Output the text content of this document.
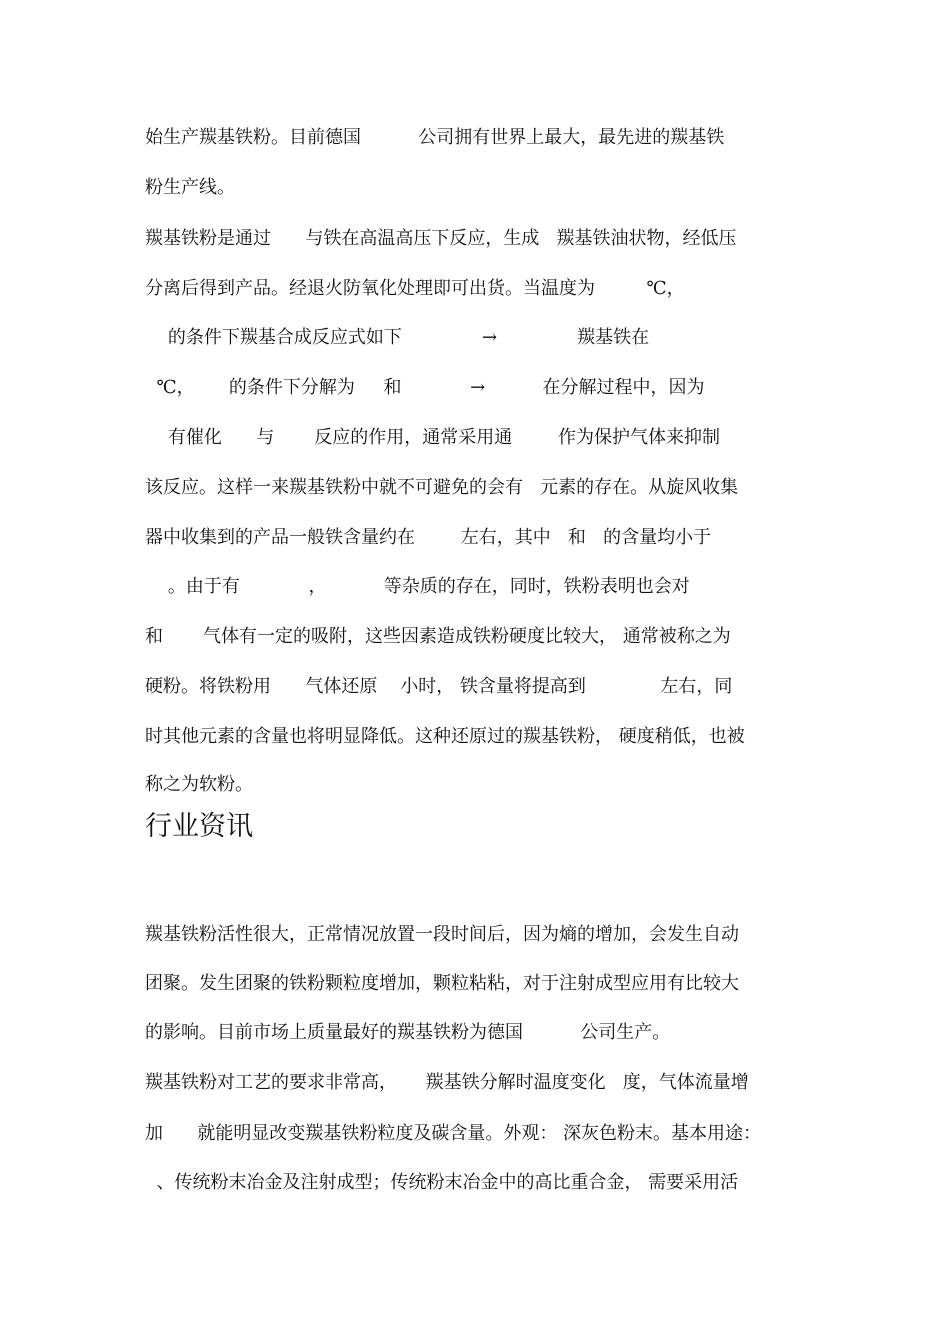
始生产羰基铁粉。目前德国          公司拥有世界上最大，最先进的羰基铁
粉生产线。
羰基铁粉是通过      与铁在高温高压下反应，生成   羰基铁油状物，经低压
分离后得到产品。经退火防氧化处理即可出货。当温度为         ℃，
的条件下羰基合成反应式如下              →              羰基铁在
℃，      的条件下分解为     和            →          在分解过程中，因为
有催化      与       反应的作用，通常采用通        作为保护气体来抑制
该反应。这样一来羰基铁粉中就不可避免的会有   元素的存在。从旋风收集
器中收集到的产品一般铁含量约在        左右，其中   和   的含量均小于
。由于有            ，          等杂质的存在，同时，铁粉表明也会对
和       气体有一定的吸附，这些因素造成铁粉硬度比较大， 通常被称之为
硬粉。将铁粉用      气体还原    小时， 铁含量将提高到             左右，同
时其他元素的含量也将明显降低。这种还原过的羰基铁粉， 硬度稍低，也被
称之为软粉。
行业资讯
羰基铁粉活性很大，正常情况放置一段时间后，因为熵的增加，会发生自动
团聚。发生团聚的铁粉颗粒度增加，颗粒粘粘，对于注射成型应用有比较大
的影响。目前市场上质量最好的羰基铁粉为德国          公司生产。
羰基铁粉对工艺的要求非常高，     羰基铁分解时温度变化   度，气体流量增
加      就能明显改变羰基铁粉粒度及碳含量。外观： 深灰色粉末。基本用途：
、传统粉末冶金及注射成型；传统粉末冶金中的高比重合金， 需要采用活
